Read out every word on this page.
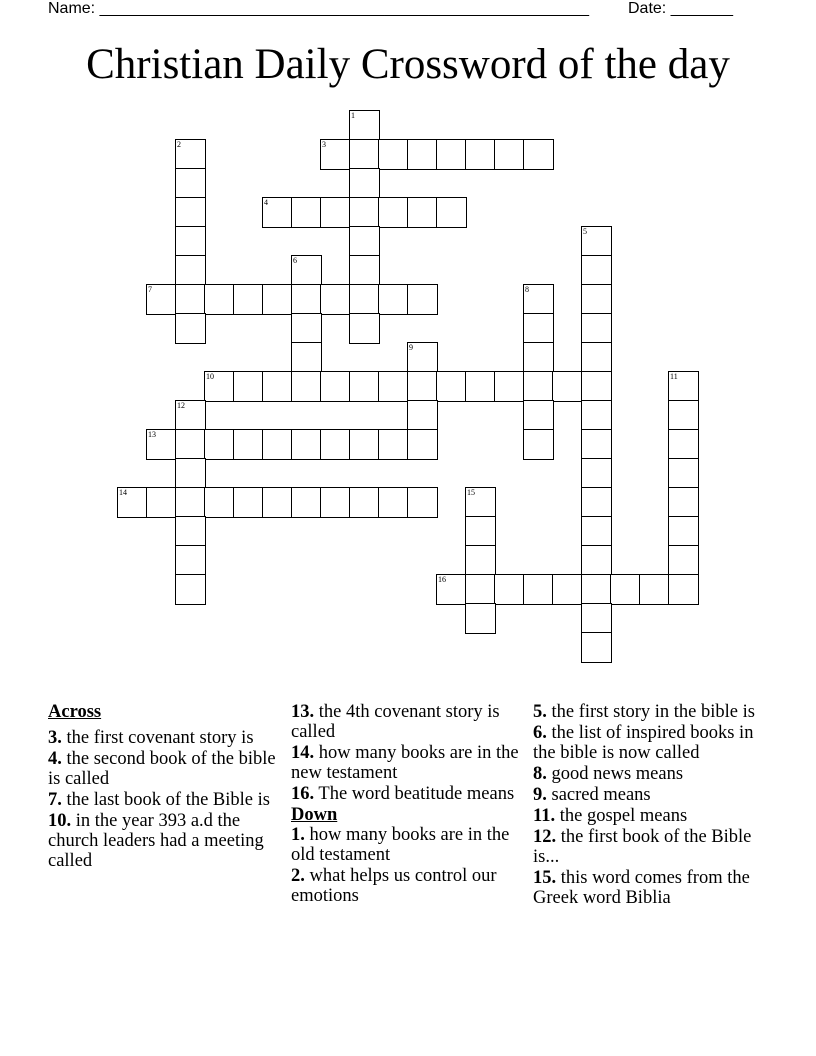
Name: _______________________________________________________ Date: _______
Christian Daily Crossword of the day
1
2	3
4
5
6
7	8
9
10	11
12
13
14	15
16
Across
3. the first covenant story is
4. the second book of the bible is called
7. the last book of the Bible is
10. in the year 393 a.d the church leaders had a meeting called
13. the 4th covenant story is called
14. how many books are in the new testament
16. The word beatitude means
Down
1. how many books are in the old testament
2. what helps us control our emotions
5. the first story in the bible is
6. the list of inspired books in the bible is now called
8. good news means
9. sacred means
11. the gospel means
12. the first book of the Bible is...
15. this word comes from the Greek word Biblia
